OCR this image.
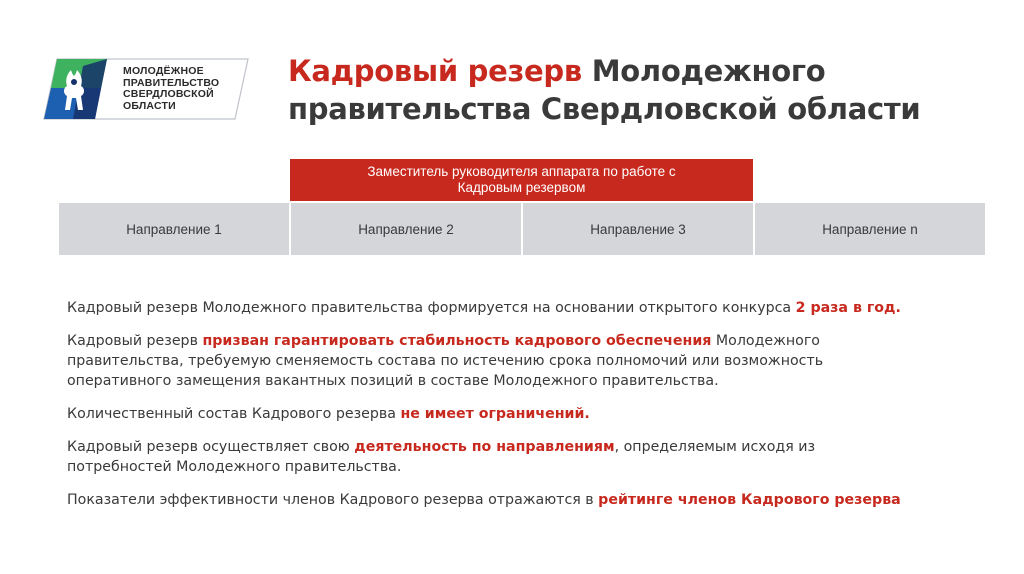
МОЛОДЁЖНОЕ
ПРАВИТЕЛЬСТВО
СВЕРДЛОВСКОЙ
ОБЛАСТИ
Кадровый резерв Молодежного
правительства Свердловской области
Заместитель руководителя аппарата по работе с
Кадровым резервом
Направление 1	Направление 2	Направление 3	Направление n

Кадровый резерв Молодежного правительства формируется на основании открытого конкурса 2 раза в год.

Кадровый резерв призван гарантировать стабильность кадрового обеспечения Молодежного правительства, требуемую сменяемость состава по истечению срока полномочий или возможность оперативного замещения вакантных позиций в составе Молодежного правительства.

Количественный состав Кадрового резерва не имеет ограничений.

Кадровый резерв осуществляет свою деятельность по направлениям, определяемым исходя из потребностей Молодежного правительства.

Показатели эффективности членов Кадрового резерва отражаются в рейтинге членов Кадрового резерва
